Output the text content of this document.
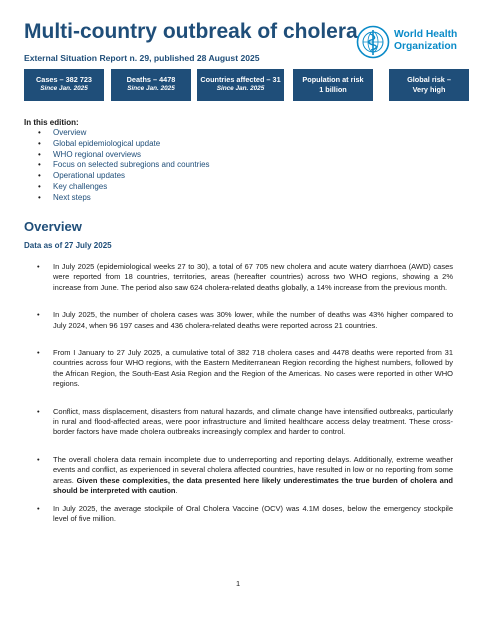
Multi-country outbreak of cholera
External Situation Report n. 29, published 28 August 2025
World Health
Organization
Cases – 382 723
Since Jan. 2025
Deaths – 4478
Since Jan. 2025
Countries affected – 31
Since Jan. 2025
Population at risk
1 billion
Global risk –
Very high
In this edition:
• Overview
• Global epidemiological update
• WHO regional overviews
• Focus on selected subregions and countries
• Operational updates
• Key challenges
• Next steps
Overview
Data as of 27 July 2025
• In July 2025 (epidemiological weeks 27 to 30), a total of 67 705 new cholera and acute watery diarrhoea (AWD) cases were reported from 18 countries, territories, areas (hereafter countries) across two WHO regions, showing a 2% increase from June. The period also saw 624 cholera-related deaths globally, a 14% increase from the previous month.
• In July 2025, the number of cholera cases was 30% lower, while the number of deaths was 43% higher compared to July 2024, when 96 197 cases and 436 cholera-related deaths were reported across 21 countries.
• From I January to 27 July 2025, a cumulative total of 382 718 cholera cases and 4478 deaths were reported from 31 countries across four WHO regions, with the Eastern Mediterranean Region recording the highest numbers, followed by the African Region, the South-East Asia Region and the Region of the Americas. No cases were reported in other WHO regions.
• Conflict, mass displacement, disasters from natural hazards, and climate change have intensified outbreaks, particularly in rural and flood-affected areas, were poor infrastructure and limited healthcare access delay treatment. These cross-border factors have made cholera outbreaks increasingly complex and harder to control.
• The overall cholera data remain incomplete due to underreporting and reporting delays. Additionally, extreme weather events and conflict, as experienced in several cholera affected countries, have resulted in low or no reporting from some areas. Given these complexities, the data presented here likely underestimates the true burden of cholera and should be interpreted with caution.
• In July 2025, the average stockpile of Oral Cholera Vaccine (OCV) was 4.1M doses, below the emergency stockpile level of five million.
1
